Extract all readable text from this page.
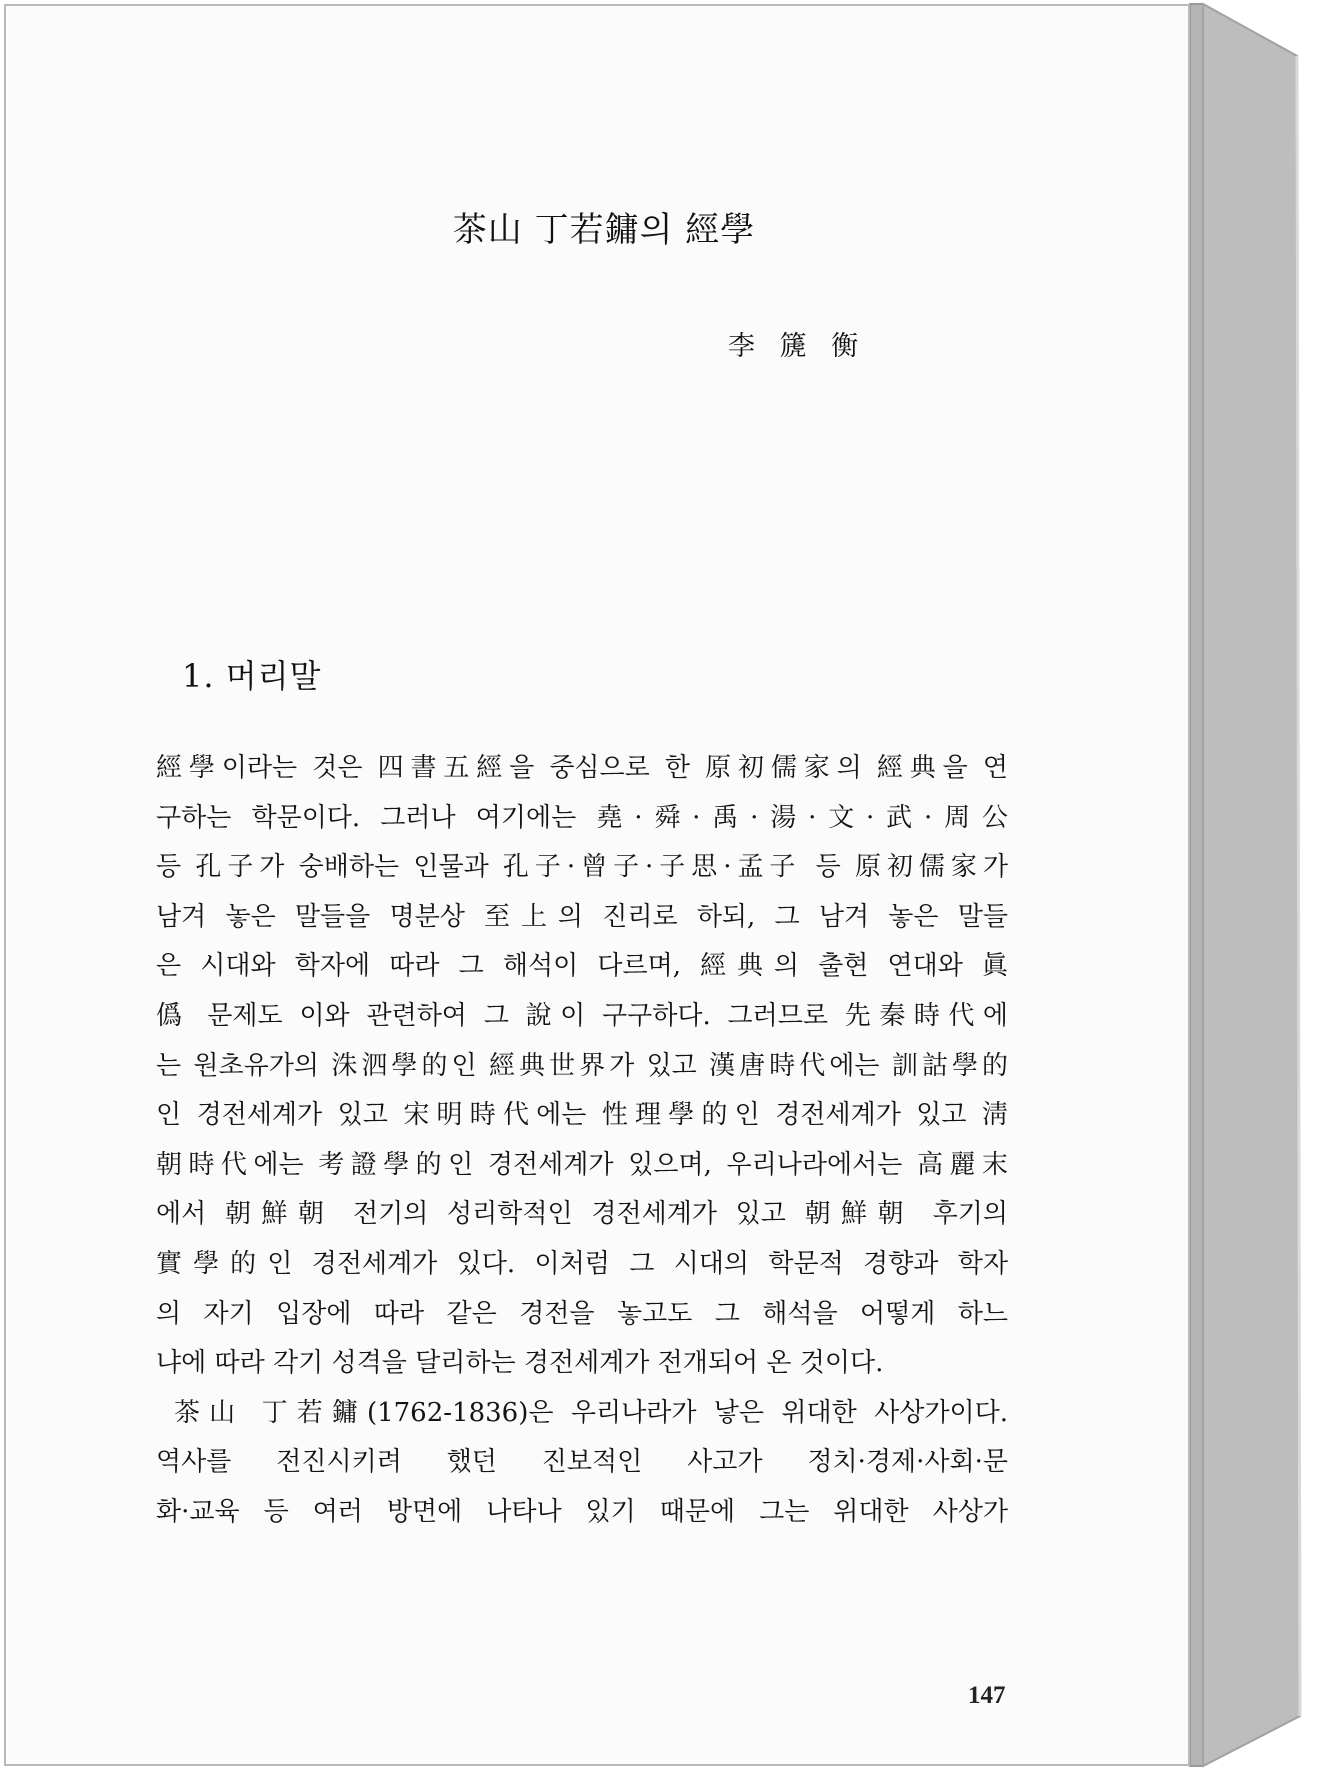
茶山 丁若鏞의 經學
李 篪 衡
1. 머리말
經學이라는 것은 四書五經을 중심으로 한 原初儒家의 經典을 연
구하는 학문이다. 그러나 여기에는 堯·舜·禹·湯·文·武·周公
등 孔子가 숭배하는 인물과 孔子·曾子·子思·孟子 등 原初儒家가
남겨 놓은 말들을 명분상 至上의 진리로 하되, 그 남겨 놓은 말들
은 시대와 학자에 따라 그 해석이 다르며, 經典의 출현 연대와 眞
僞 문제도 이와 관련하여 그 說이 구구하다. 그러므로 先秦時代에
는 원초유가의 洙泗學的인 經典世界가 있고 漢唐時代에는 訓詁學的
인 경전세계가 있고 宋明時代에는 性理學的인 경전세계가 있고 淸
朝時代에는 考證學的인 경전세계가 있으며, 우리나라에서는 高麗末
에서 朝鮮朝 전기의 성리학적인 경전세계가 있고 朝鮮朝 후기의
實學的인 경전세계가 있다. 이처럼 그 시대의 학문적 경향과 학자
의 자기 입장에 따라 같은 경전을 놓고도 그 해석을 어떻게 하느
냐에 따라 각기 성격을 달리하는 경전세계가 전개되어 온 것이다.
茶山 丁若鏞(1762-1836)은 우리나라가 낳은 위대한 사상가이다.
역사를 전진시키려 했던 진보적인 사고가 정치·경제·사회·문
화·교육 등 여러 방면에 나타나 있기 때문에 그는 위대한 사상가
147
